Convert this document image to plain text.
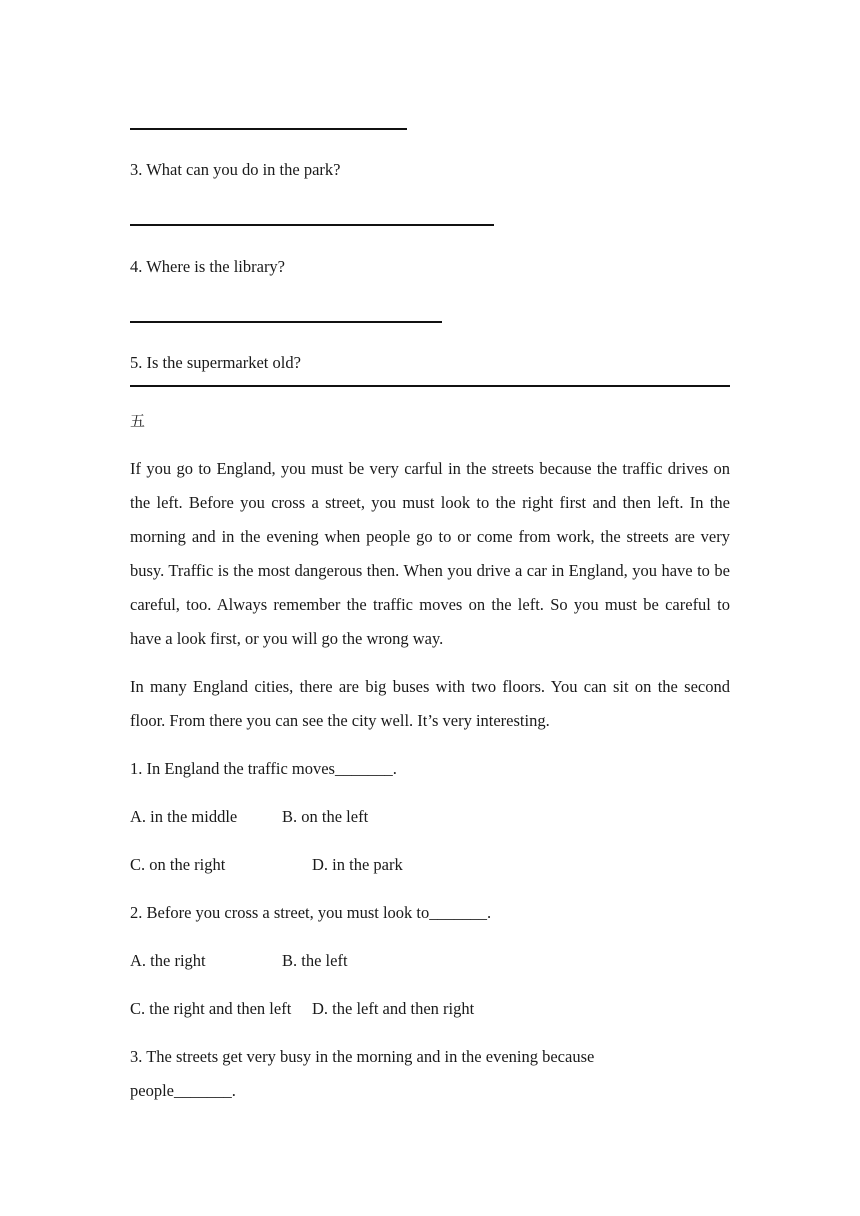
3. What can you do in the park?
4. Where is the library?
5. Is the supermarket old?
五
If you go to England, you must be very carful in the streets because the traffic drives on the left. Before you cross a street, you must look to the right first and then left. In the morning and in the evening when people go to or come from work, the streets are very busy. Traffic is the most dangerous then. When you drive a car in England, you have to be careful, too. Always remember the traffic moves on the left. So you must be careful to have a look first, or you will go the wrong way.
In many England cities, there are big buses with two floors. You can sit on the second floor. From there you can see the city well. It’s very interesting.
1. In England the traffic moves_______.
A. in the middle	B. on the left
C. on the right	D. in the park
2. Before you cross a street, you must look to_______.
A. the right	B. the left
C. the right and then left D. the left and then right
3. The streets get very busy in the morning and in the evening because
people_______.
